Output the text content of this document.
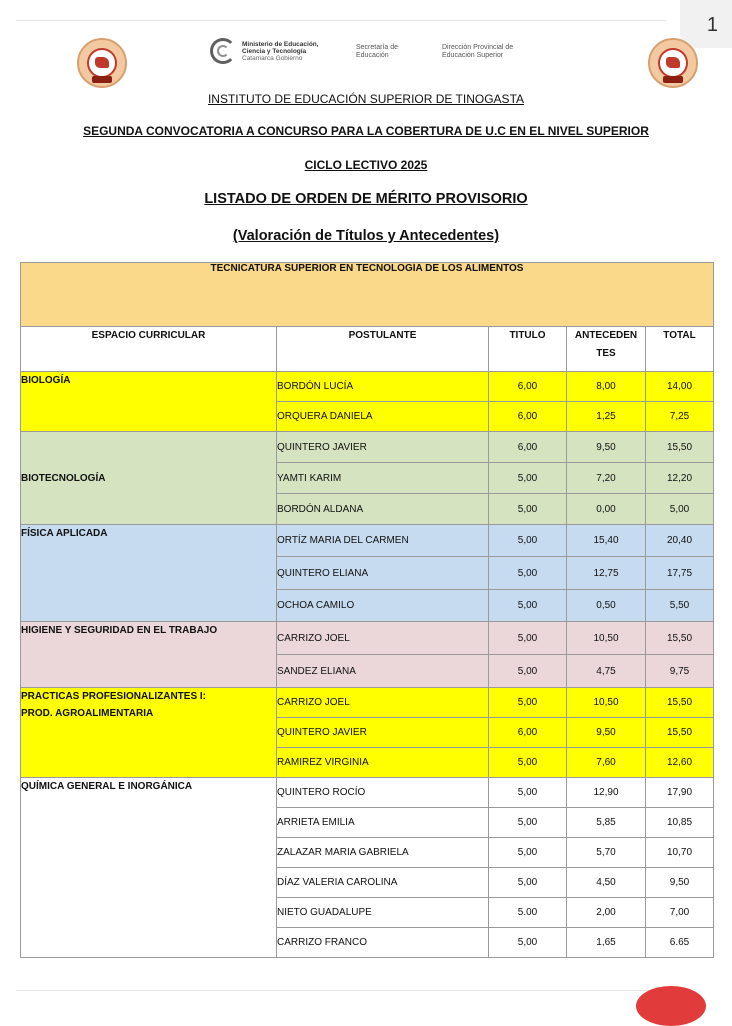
1
Ministerio de Educación,
Ciencia y Tecnología
Catamarca Gobierno
Secretaría de
Educación
Dirección Provincial de
Educación Superior
INSTITUTO DE EDUCACIÓN SUPERIOR DE TINOGASTA
SEGUNDA CONVOCATORIA A CONCURSO PARA LA COBERTURA DE U.C EN EL NIVEL SUPERIOR
CICLO LECTIVO 2025
LISTADO DE ORDEN DE MÉRITO PROVISORIO
(Valoración de Títulos y Antecedentes)
TECNICATURA SUPERIOR EN TECNOLOGÍA DE LOS ALIMENTOS				
ESPACIO CURRICULAR	POSTULANTE	TITULO	ANTECEDEN
TES	TOTAL

BIOLOGÍA	BORDÓN LUCÍA	6,00	8,00	14,00
	ORQUERA DANIELA	6,00	1,25	7,25

BIOTECNOLOGÍA	QUINTERO JAVIER	6,00	9,50	15,50
	YAMTI KARIM	5,00	7,20	12,20
	BORDÓN ALDANA	5,00	0,00	5,00

FÍSICA APLICADA	ORTÍZ MARIA DEL CARMEN	5,00	15,40	20,40
	QUINTERO ELIANA	5,00	12,75	17,75
	OCHOA CAMILO	5,00	0,50	5,50

HIGIENE Y SEGURIDAD EN EL TRABAJO	CARRIZO JOEL	5,00	10,50	15,50
	SANDEZ ELIANA	5,00	4,75	9,75

PRACTICAS PROFESIONALIZANTES I:
PROD. AGROALIMENTARIA	CARRIZO JOEL	5,00	10,50	15,50
	QUINTERO JAVIER	6,00	9,50	15,50
	RAMIREZ VIRGINIA	5,00	7,60	12,60

QUÍMICA GENERAL E INORGÁNICA	QUINTERO ROCÍO	5,00	12,90	17,90
	ARRIETA EMILIA	5,00	5,85	10,85
	ZALAZAR MARIA GABRIELA	5,00	5,70	10,70
	DÍAZ VALERIA CAROLINA	5,00	4,50	9,50
	NIETO GUADALUPE	5.00	2,00	7,00
	CARRIZO FRANCO	5,00	1,65	6.65
